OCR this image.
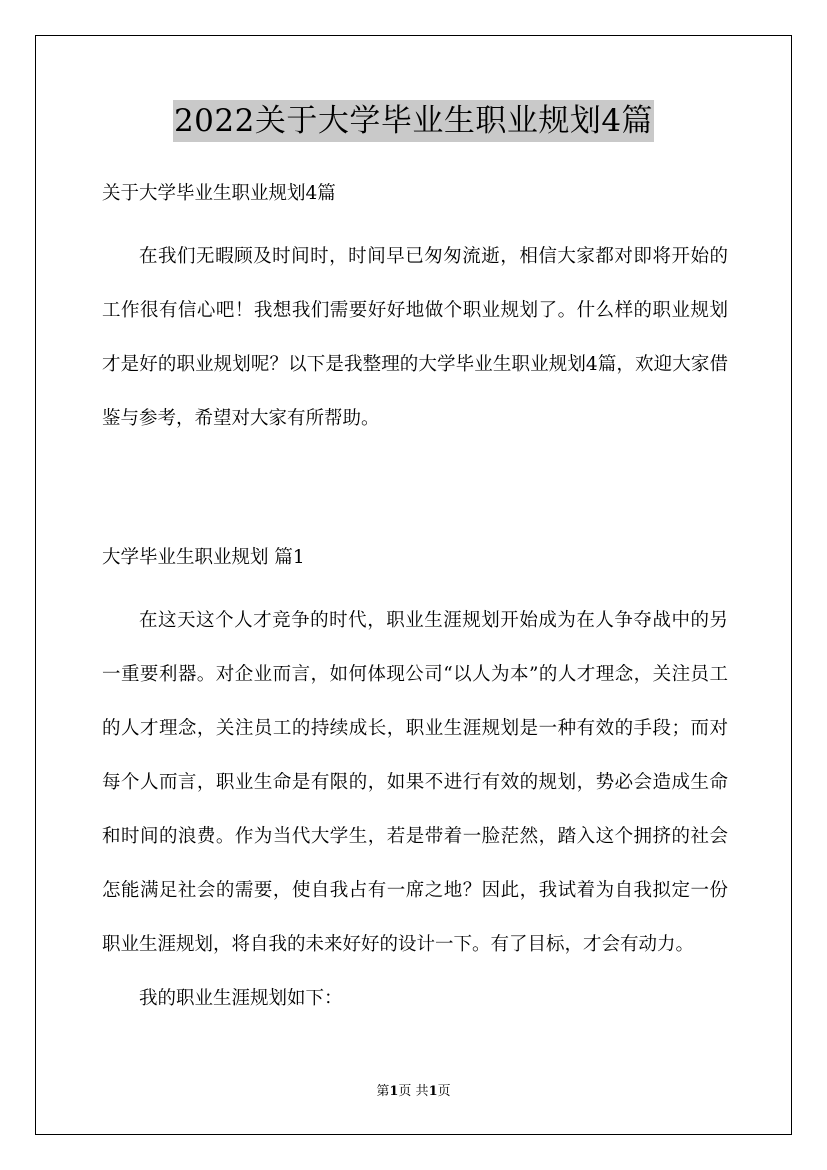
2022关于大学毕业生职业规划4篇

关于大学毕业生职业规划4篇

在我们无暇顾及时间时，时间早已匆匆流逝，相信大家都对即将开始的工作很有信心吧！我想我们需要好好地做个职业规划了。什么样的职业规划才是好的职业规划呢？以下是我整理的大学毕业生职业规划4篇，欢迎大家借鉴与参考，希望对大家有所帮助。

大学毕业生职业规划 篇1

在这天这个人才竞争的时代，职业生涯规划开始成为在人争夺战中的另一重要利器。对企业而言，如何体现公司“以人为本”的人才理念，关注员工的人才理念，关注员工的持续成长，职业生涯规划是一种有效的手段；而对每个人而言，职业生命是有限的，如果不进行有效的规划，势必会造成生命和时间的浪费。作为当代大学生，若是带着一脸茫然，踏入这个拥挤的社会怎能满足社会的需要，使自我占有一席之地？因此，我试着为自我拟定一份职业生涯规划，将自我的未来好好的设计一下。有了目标，才会有动力。

我的职业生涯规划如下：

第1页 共1页
